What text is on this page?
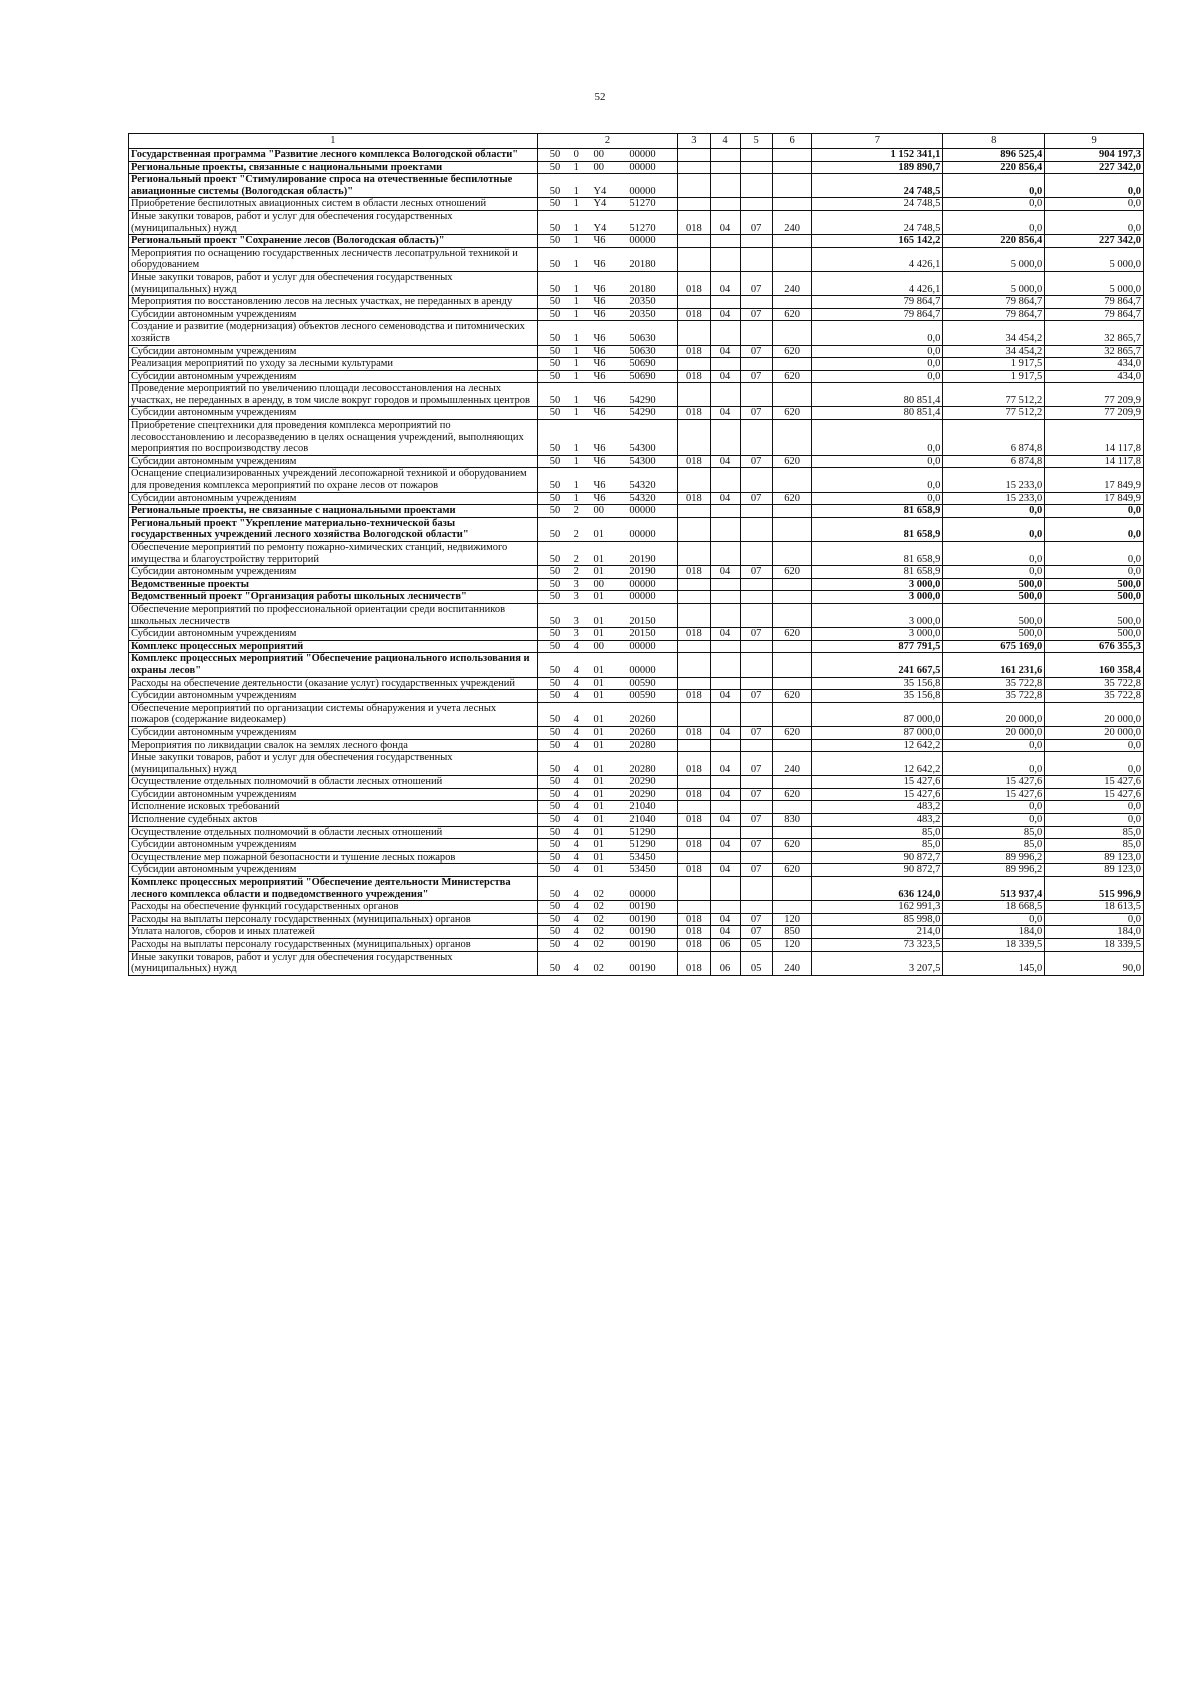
52
1	2	3	4	5	6	7	8	9
Государственная программа "Развитие лесного комплекса Вологодской области"	50 0 00 00000					1 152 341,1	896 525,4	904 197,3
Региональные проекты, связанные с национальными проектами	50 1 00 00000					189 890,7	220 856,4	227 342,0
Региональный проект "Стимулирование спроса на отечественные беспилотные авиационные системы (Вологодская область)"	50 1 Y4 00000					24 748,5	0,0	0,0
Приобретение беспилотных авиационных систем в области лесных отношений	50 1 Y4 51270					24 748,5	0,0	0,0
Иные закупки товаров, работ и услуг для обеспечения государственных (муниципальных) нужд	50 1 Y4 51270	018	04	07	240	24 748,5	0,0	0,0
Региональный проект "Сохранение лесов (Вологодская область)"	50 1 Ч6 00000					165 142,2	220 856,4	227 342,0
Мероприятия по оснащению государственных лесничеств лесопатрульной техникой и оборудованием	50 1 Ч6 20180					4 426,1	5 000,0	5 000,0
Иные закупки товаров, работ и услуг для обеспечения государственных (муниципальных) нужд	50 1 Ч6 20180	018	04	07	240	4 426,1	5 000,0	5 000,0
Мероприятия по восстановлению лесов на лесных участках, не переданных в аренду	50 1 Ч6 20350					79 864,7	79 864,7	79 864,7
Субсидии автономным учреждениям	50 1 Ч6 20350	018	04	07	620	79 864,7	79 864,7	79 864,7
Создание и развитие (модернизация) объектов лесного семеноводства и питомнических хозяйств	50 1 Ч6 50630					0,0	34 454,2	32 865,7
Субсидии автономным учреждениям	50 1 Ч6 50630	018	04	07	620	0,0	34 454,2	32 865,7
Реализация мероприятий по уходу за лесными культурами	50 1 Ч6 50690					0,0	1 917,5	434,0
Субсидии автономным учреждениям	50 1 Ч6 50690	018	04	07	620	0,0	1 917,5	434,0
Проведение мероприятий по увеличению площади лесовосстановления на лесных участках, не переданных в аренду, в том числе вокруг городов и промышленных центров	50 1 Ч6 54290					80 851,4	77 512,2	77 209,9
Субсидии автономным учреждениям	50 1 Ч6 54290	018	04	07	620	80 851,4	77 512,2	77 209,9
Приобретение спецтехники для проведения комплекса мероприятий по лесовосстановлению и лесоразведению в целях оснащения учреждений, выполняющих мероприятия по воспроизводству лесов	50 1 Ч6 54300					0,0	6 874,8	14 117,8
Субсидии автономным учреждениям	50 1 Ч6 54300	018	04	07	620	0,0	6 874,8	14 117,8
Оснащение специализированных учреждений лесопожарной техникой и оборудованием для проведения комплекса мероприятий по охране лесов от пожаров	50 1 Ч6 54320					0,0	15 233,0	17 849,9
Субсидии автономным учреждениям	50 1 Ч6 54320	018	04	07	620	0,0	15 233,0	17 849,9
Региональные проекты, не связанные с национальными проектами	50 2 00 00000					81 658,9	0,0	0,0
Региональный проект "Укрепление материально-технической базы государственных учреждений лесного хозяйства Вологодской области"	50 2 01 00000					81 658,9	0,0	0,0
Обеспечение мероприятий по ремонту пожарно-химических станций, недвижимого имущества и благоустройству территорий	50 2 01 20190					81 658,9	0,0	0,0
Субсидии автономным учреждениям	50 2 01 20190	018	04	07	620	81 658,9	0,0	0,0
Ведомственные проекты	50 3 00 00000					3 000,0	500,0	500,0
Ведомственный проект "Организация работы школьных лесничеств"	50 3 01 00000					3 000,0	500,0	500,0
Обеспечение мероприятий по профессиональной ориентации среди воспитанников школьных лесничеств	50 3 01 20150					3 000,0	500,0	500,0
Субсидии автономным учреждениям	50 3 01 20150	018	04	07	620	3 000,0	500,0	500,0
Комплекс процессных мероприятий	50 4 00 00000					877 791,5	675 169,0	676 355,3
Комплекс процессных мероприятий "Обеспечение рационального использования и охраны лесов"	50 4 01 00000					241 667,5	161 231,6	160 358,4
Расходы на обеспечение деятельности (оказание услуг) государственных учреждений	50 4 01 00590					35 156,8	35 722,8	35 722,8
Субсидии автономным учреждениям	50 4 01 00590	018	04	07	620	35 156,8	35 722,8	35 722,8
Обеспечение мероприятий по организации системы обнаружения и учета лесных пожаров (содержание видеокамер)	50 4 01 20260					87 000,0	20 000,0	20 000,0
Субсидии автономным учреждениям	50 4 01 20260	018	04	07	620	87 000,0	20 000,0	20 000,0
Мероприятия по ликвидации свалок на землях лесного фонда	50 4 01 20280					12 642,2	0,0	0,0
Иные закупки товаров, работ и услуг для обеспечения государственных (муниципальных) нужд	50 4 01 20280	018	04	07	240	12 642,2	0,0	0,0
Осуществление отдельных полномочий в области лесных отношений	50 4 01 20290					15 427,6	15 427,6	15 427,6
Субсидии автономным учреждениям	50 4 01 20290	018	04	07	620	15 427,6	15 427,6	15 427,6
Исполнение исковых требований	50 4 01 21040					483,2	0,0	0,0
Исполнение судебных актов	50 4 01 21040	018	04	07	830	483,2	0,0	0,0
Осуществление отдельных полномочий в области лесных отношений	50 4 01 51290					85,0	85,0	85,0
Субсидии автономным учреждениям	50 4 01 51290	018	04	07	620	85,0	85,0	85,0
Осуществление мер пожарной безопасности и тушение лесных пожаров	50 4 01 53450					90 872,7	89 996,2	89 123,0
Субсидии автономным учреждениям	50 4 01 53450	018	04	07	620	90 872,7	89 996,2	89 123,0
Комплекс процессных мероприятий "Обеспечение деятельности Министерства лесного комплекса области и подведомственного учреждения"	50 4 02 00000					636 124,0	513 937,4	515 996,9
Расходы на обеспечение функций государственных органов	50 4 02 00190					162 991,3	18 668,5	18 613,5
Расходы на выплаты персоналу государственных (муниципальных) органов	50 4 02 00190	018	04	07	120	85 998,0	0,0	0,0
Уплата налогов, сборов и иных платежей	50 4 02 00190	018	04	07	850	214,0	184,0	184,0
Расходы на выплаты персоналу государственных (муниципальных) органов	50 4 02 00190	018	06	05	120	73 323,5	18 339,5	18 339,5
Иные закупки товаров, работ и услуг для обеспечения государственных (муниципальных) нужд	50 4 02 00190	018	06	05	240	3 207,5	145,0	90,0
